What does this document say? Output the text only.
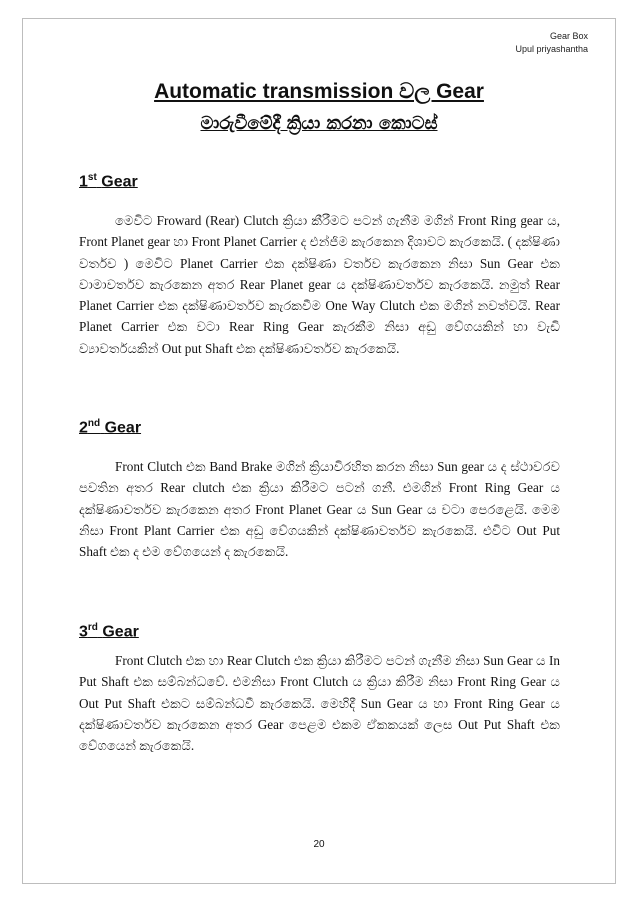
Gear Box
Upul priyashantha
Automatic transmission වල Gear
මාරුවීමේදී ක්‍රියා කරනා කොටස්
1st Gear
මෙවිට Froward (Rear) Clutch ක්‍රියා කීරීමට පටන් ගැනීම මගින් Front Ring gear ය, Front Planet gear හා Front Planet Carrier ද එන්ජිම කැරකෙන දිශාවට කැරකෙයි. ( දක්ෂිණා වර්තව ) මෙවිට Planet Carrier එක දක්ෂිණා වර්තව කැරකෙන නිසා Sun Gear එක වාමාවර්තව කැරකෙන අතර Rear Planet gear ය දක්ෂිණාවර්තව කැරකෙයි. නමුත් Rear Planet Carrier එක දක්ෂිණාවර්තව කැරකවීම One Way Clutch එක මගින් නවත්වයි. Rear Planet Carrier එක වටා Rear Ring Gear කැරකීම නිසා අඩු වේගයකින් හා වැඩි ව්‍යාවර්තයකින් Out put Shaft එක දක්ෂිණාවර්තව කැරකෙයි.
2nd Gear
Front Clutch එක Band Brake මගින් ක්‍රියාවිරහිත කරන නිසා Sun gear ය ද ස්ථාවරව පවතින අතර Rear clutch එක ක්‍රියා කිරීමට පටන් ගනී. එමගින් Front Ring Gear ය දක්ෂිණාවර්තව කැරකෙන අතර Front Planet Gear ය Sun Gear ය වටා පෙරළෙයි. මෙම නිසා Front Plant Carrier එක අඩු වේගයකින් දක්ෂිණාවර්තව කැරකෙයි. එවිට Out Put Shaft එක ද එම වේගයෙන් ද කැරකෙයි.
3rd Gear
Front Clutch එක හා Rear Clutch එක ක්‍රියා කිරීමට පටන් ගැනීම නිසා Sun Gear ය In Put Shaft එක සම්බන්ධවේ. එමනිසා Front Clutch ය ක්‍රියා කිරීම නිසා Front Ring Gear ය Out Put Shaft එකට සම්බන්ධවී කැරකෙයි. මෙහිදී Sun Gear ය හා Front Ring Gear ය දක්ෂිණාවර්තව කැරකෙන අතර Gear පෙළම එකම ඒකකයක් ලෙස Out Put Shaft එක වේගයෙන් කැරකෙයි.
20
